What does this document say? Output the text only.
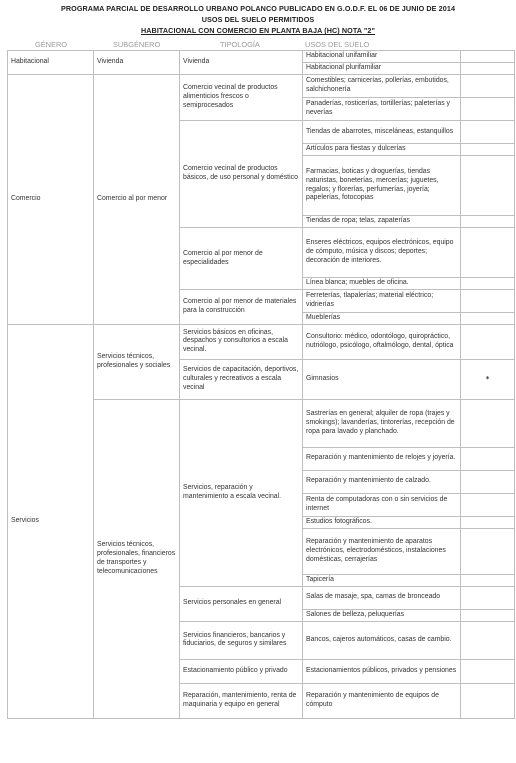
PROGRAMA PARCIAL DE DESARROLLO URBANO POLANCO PUBLICADO EN G.O.D.F. EL 06 DE JUNIO DE 2014
USOS DEL SUELO PERMITIDOS
HABITACIONAL CON COMERCIO EN PLANTA BAJA (HC) NOTA "2"
GÉNERO	SUBGÉNERO	TIPOLOGÍA	USOS DEL SUELO
Habitacional	Vivienda	Vivienda	Habitacional unifamiliar	
			Habitacional plurifamiliar	
Comercio	Comercio al por menor	Comercio vecinal de productos alimenticios frescos o semiprocesados	Comestibles; carnicerías, pollerías, embutidos, salchichonería	
			Panaderías, rosticerías, tortillerías; paleterías y neverías	
		Comercio vecinal de productos básicos, de uso personal y doméstico	Tiendas de abarrotes, misceláneas, estanquillos	
			Artículos para fiestas y dulcerías	
			Farmacias, boticas y droguerías, tiendas naturistas, boneterías, mercerías; juguetes, regalos; y florerías, perfumerías, joyería; papelerías, fotocopias	
			Tiendas de ropa; telas, zapaterías	
		Comercio al por menor de especialidades	Enseres eléctricos, equipos electrónicos, equipo de cómputo, música y discos; deportes; decoración de interiores.	
			Línea blanca; muebles de oficina.	
		Comercio al por menor de materiales para la construcción	Ferreterías, tlapalerías; material eléctrico; vidrierías	
			Mueblerías	
Servicios	Servicios técnicos, profesionales y sociales	Servicios básicos en oficinas, despachos y consultorios a escala vecinal.	Consultorio: médico, odontólogo, quiropráctico, nutriólogo, psicólogo, oftalmólogo, dental, óptica	
		Servicios de capacitación, deportivos, culturales y recreativos a escala vecinal	Gimnasios	*
	Servicios técnicos, profesionales, financieros de transportes y telecomunicaciones	Servicios, reparación y mantenimiento a escala vecinal.	Sastrerías en general; alquiler de ropa (trajes y smokings); lavanderías, tintorerías, recepción de ropa para lavado y planchado.	
			Reparación y mantenimiento de relojes y joyería.	
			Reparación y mantenimiento de calzado.	
			Renta de computadoras con o sin servicios de internet	
			Estudios fotográficos.	
			Reparación y mantenimiento de aparatos electrónicos, electrodomésticos, instalaciones domésticas, cerrajerías	
			Tapicería	
		Servicios personales en general	Salas de masaje, spa, camas de bronceado	
			Salones de belleza, peluquerías	
		Servicios financieros, bancarios y fiduciarios, de seguros y similares	Bancos, cajeros automáticos, casas de cambio.	
		Estacionamiento público y privado	Estacionamientos públicos, privados y pensiones	
		Reparación, mantenimiento, renta de maquinaria y equipo en general	Reparación y mantenimiento de equipos de cómputo	
